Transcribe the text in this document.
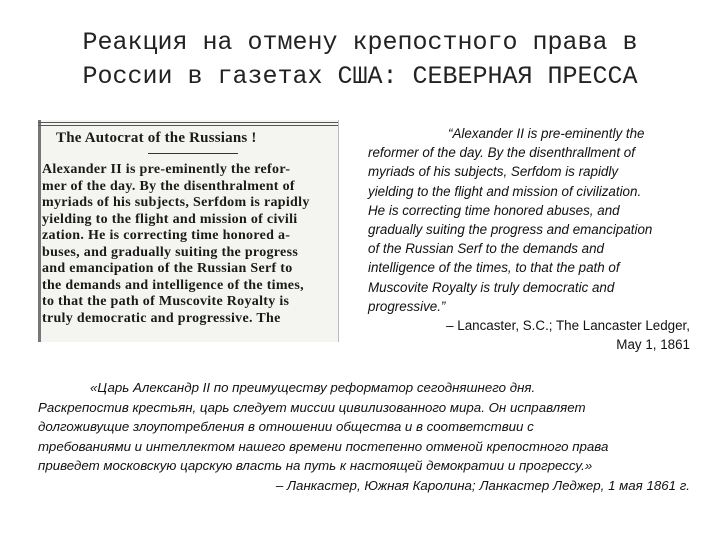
Реакция на отмену крепостного права в
России в газетах США: СЕВЕРНАЯ ПРЕССА
The Autocrat of the Russians !
Alexander II is pre-eminently the refor-
mer of the day. By the disenthralment of
myriads of his subjects, Serfdom is rapidly
yielding to the flight and mission of civili
zation. He is correcting time honored a-
buses, and gradually suiting the progress
and emancipation of the Russian Serf to
the demands and intelligence of the times,
to that the path of Muscovite Royalty is
truly democratic and progressive. The
“Alexander II is pre-eminently the
reformer of the day. By the disenthrallment of
myriads of his subjects, Serfdom is rapidly
yielding to the flight and mission of civilization.
He is correcting time honored abuses, and
gradually suiting the progress and emancipation
of the Russian Serf to the demands and
intelligence of the times, to that the path of
Muscovite Royalty is truly democratic and
progressive.”
– Lancaster, S.C.; The Lancaster Ledger,
May 1, 1861
«Царь Александр II по преимуществу реформатор сегодняшнего дня.
Раскрепостив крестьян, царь следует миссии цивилизованного мира. Он исправляет
долгоживущие злоупотребления в отношении общества и в соответствии с
требованиями и интеллектом нашего времени постепенно отменой крепостного права
приведет московскую царскую власть на путь к настоящей демократии и прогрессу.»
– Ланкастер, Южная Каролина; Ланкастер Леджер, 1 мая 1861 г.
